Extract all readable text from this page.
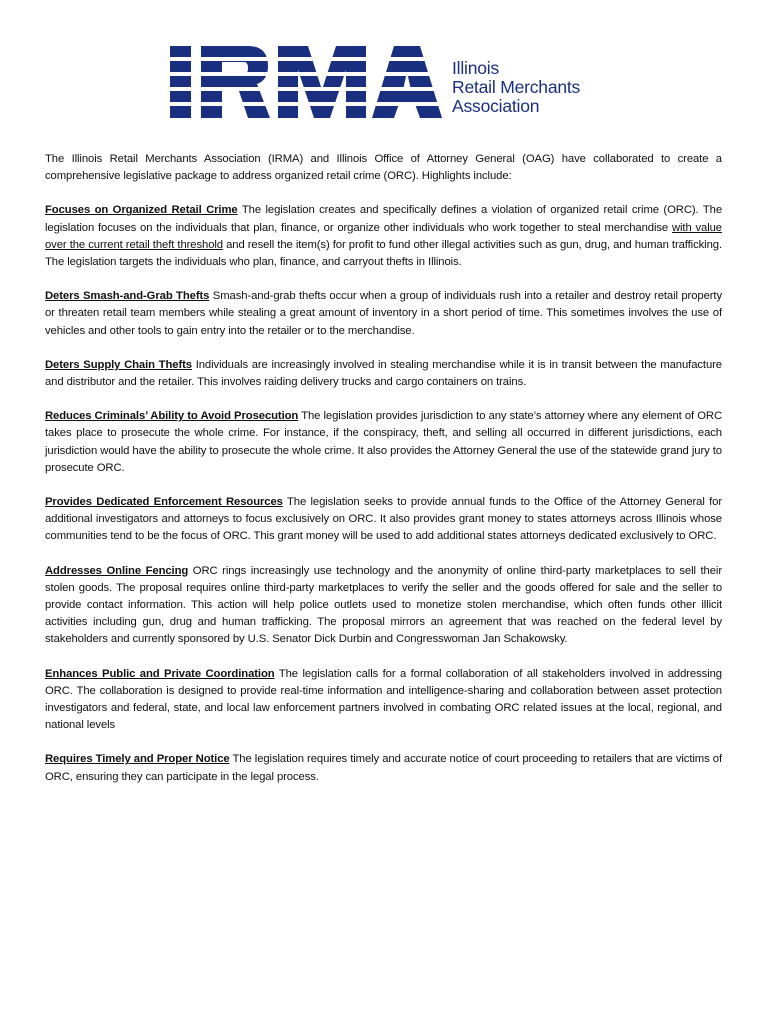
Illinois
Retail Merchants
Association

The Illinois Retail Merchants Association (IRMA) and Illinois Office of Attorney General (OAG) have collaborated to create a comprehensive legislative package to address organized retail crime (ORC). Highlights include:

Focuses on Organized Retail Crime The legislation creates and specifically defines a violation of organized retail crime (ORC). The legislation focuses on the individuals that plan, finance, or organize other individuals who work together to steal merchandise with value over the current retail theft threshold and resell the item(s) for profit to fund other illegal activities such as gun, drug, and human trafficking. The legislation targets the individuals who plan, finance, and carryout thefts in Illinois.

Deters Smash-and-Grab Thefts Smash-and-grab thefts occur when a group of individuals rush into a retailer and destroy retail property or threaten retail team members while stealing a great amount of inventory in a short period of time. This sometimes involves the use of vehicles and other tools to gain entry into the retailer or to the merchandise.

Deters Supply Chain Thefts Individuals are increasingly involved in stealing merchandise while it is in transit between the manufacture and distributor and the retailer. This involves raiding delivery trucks and cargo containers on trains.

Reduces Criminals’ Ability to Avoid Prosecution The legislation provides jurisdiction to any state’s attorney where any element of ORC takes place to prosecute the whole crime. For instance, if the conspiracy, theft, and selling all occurred in different jurisdictions, each jurisdiction would have the ability to prosecute the whole crime. It also provides the Attorney General the use of the statewide grand jury to prosecute ORC.

Provides Dedicated Enforcement Resources The legislation seeks to provide annual funds to the Office of the Attorney General for additional investigators and attorneys to focus exclusively on ORC. It also provides grant money to states attorneys across Illinois whose communities tend to be the focus of ORC. This grant money will be used to add additional states attorneys dedicated exclusively to ORC.

Addresses Online Fencing ORC rings increasingly use technology and the anonymity of online third-party marketplaces to sell their stolen goods. The proposal requires online third-party marketplaces to verify the seller and the goods offered for sale and the seller to provide contact information. This action will help police outlets used to monetize stolen merchandise, which often funds other illicit activities including gun, drug and human trafficking. The proposal mirrors an agreement that was reached on the federal level by stakeholders and currently sponsored by U.S. Senator Dick Durbin and Congresswoman Jan Schakowsky.

Enhances Public and Private Coordination The legislation calls for a formal collaboration of all stakeholders involved in addressing ORC. The collaboration is designed to provide real-time information and intelligence-sharing and collaboration between asset protection investigators and federal, state, and local law enforcement partners involved in combating ORC related issues at the local, regional, and national levels

Requires Timely and Proper Notice The legislation requires timely and accurate notice of court proceeding to retailers that are victims of ORC, ensuring they can participate in the legal process.
